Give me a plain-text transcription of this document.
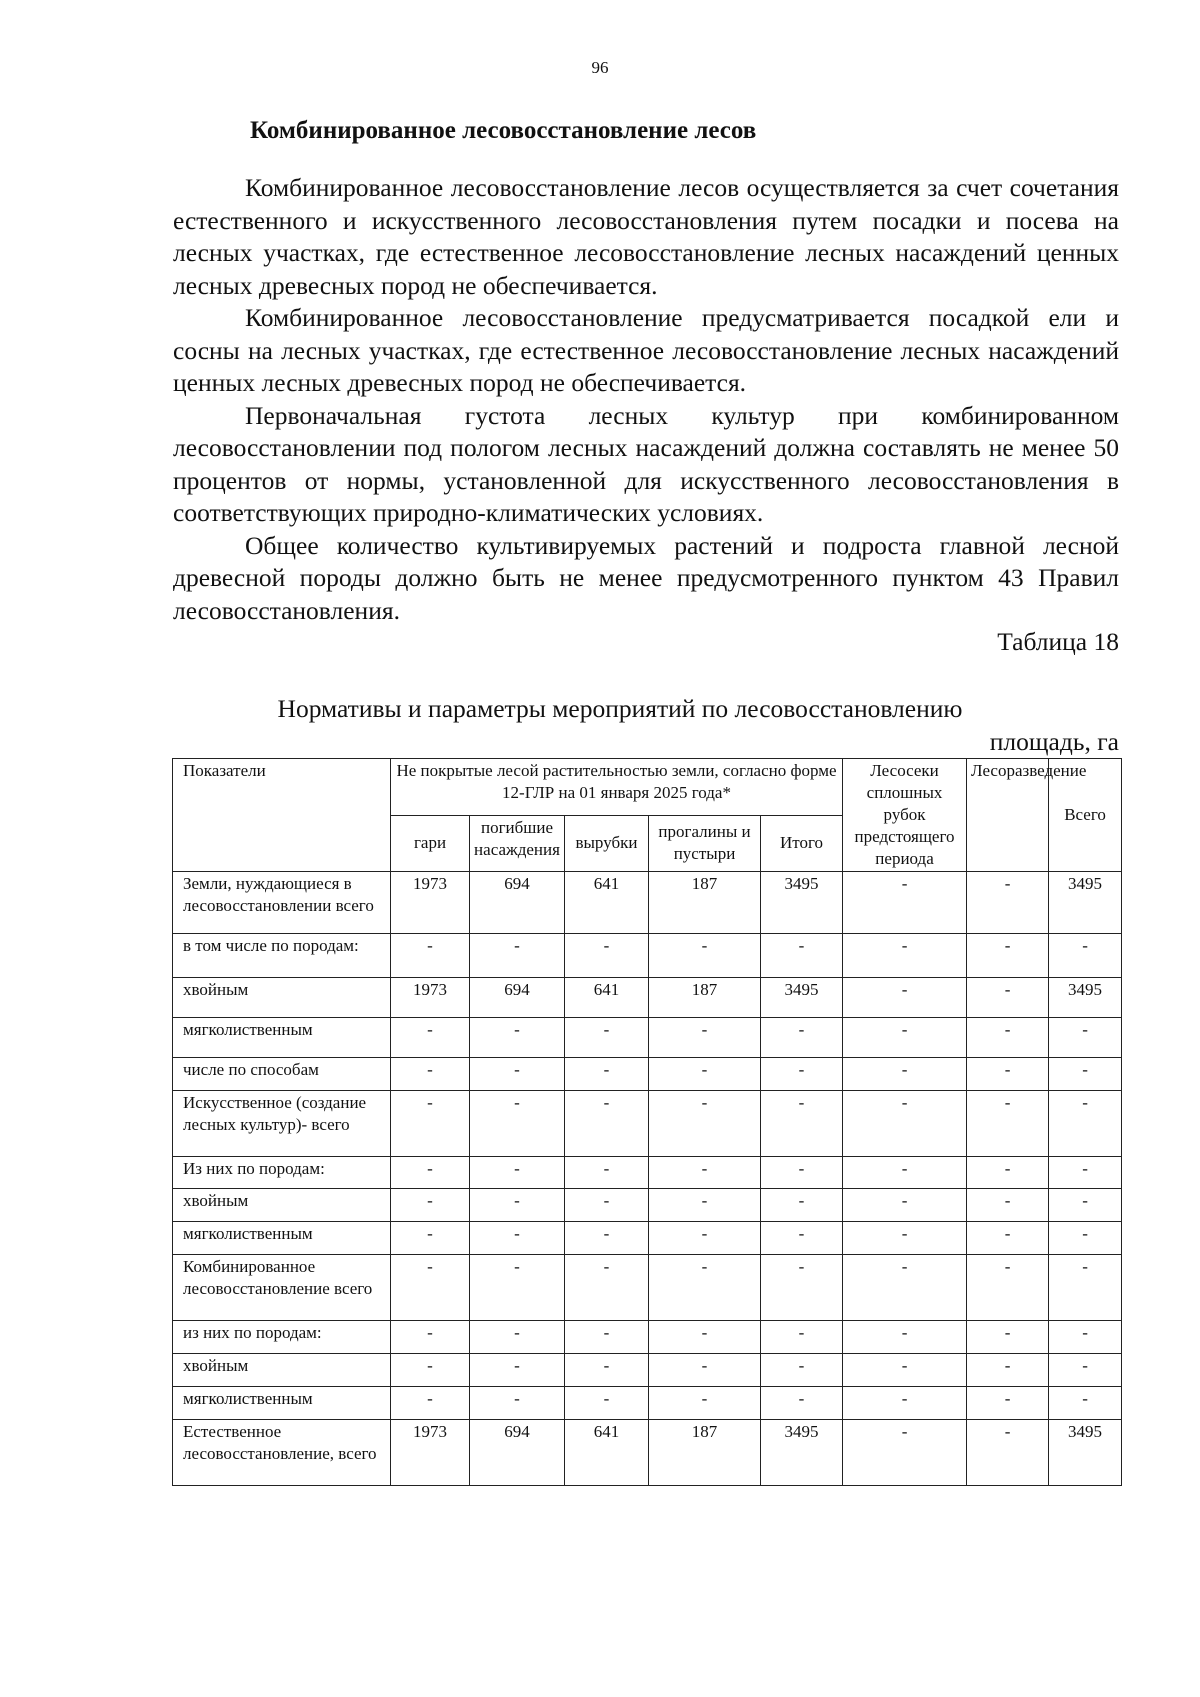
96
Комбинированное лесовосстановление лесов

Комбинированное лесовосстановление лесов осуществляется за счет сочетания естественного и искусственного лесовосстановления путем посадки и посева на лесных участках, где естественное лесовосстановление лесных насаждений ценных лесных древесных пород не обеспечивается.

Комбинированное лесовосстановление предусматривается посадкой ели и сосны на лесных участках, где естественное лесовосстановление лесных насаждений ценных лесных древесных пород не обеспечивается.

Первоначальная густота лесных культур при комбинированном лесовосстановлении под пологом лесных насаждений должна составлять не менее 50 процентов от нормы, установленной для искусственного лесовосстановления в соответствующих природно-климатических условиях.

Общее количество культивируемых растений и подроста главной лесной древесной породы должно быть не менее предусмотренного пунктом 43 Правил лесовосстановления.

Таблица 18
Нормативы и параметры мероприятий по лесовосстановлению
площадь, га
Показатели	Не покрытые лесой растительностью земли, согласно форме 12-ГЛР на 01 января 2025 года*					Лесосеки сплошных рубок предстоящего периода	Лесоразведение	Всего
	гари	погибшие насаждения	вырубки	прогалины и пустыри	Итого			
Земли, нуждающиеся в лесовосстановлении всего	1973	694	641	187	3495	-	-	3495
в том числе по породам:	-	-	-	-	-	-	-	-
хвойным	1973	694	641	187	3495	-	-	3495
мягколиственным	-	-	-	-	-	-	-	-
числе по способам	-	-	-	-	-	-	-	-
Искусственное (создание лесных культур)- всего	-	-	-	-	-	-	-	-
Из них по породам:	-	-	-	-	-	-	-	-
хвойным	-	-	-	-	-	-	-	-
мягколиственным	-	-	-	-	-	-	-	-
Комбинированное лесовосстановление всего	-	-	-	-	-	-	-	-
из них по породам:	-	-	-	-	-	-	-	-
хвойным	-	-	-	-	-	-	-	-
мягколиственным	-	-	-	-	-	-	-	-
Естественное лесовосстановление, всего	1973	694	641	187	3495	-	-	3495
